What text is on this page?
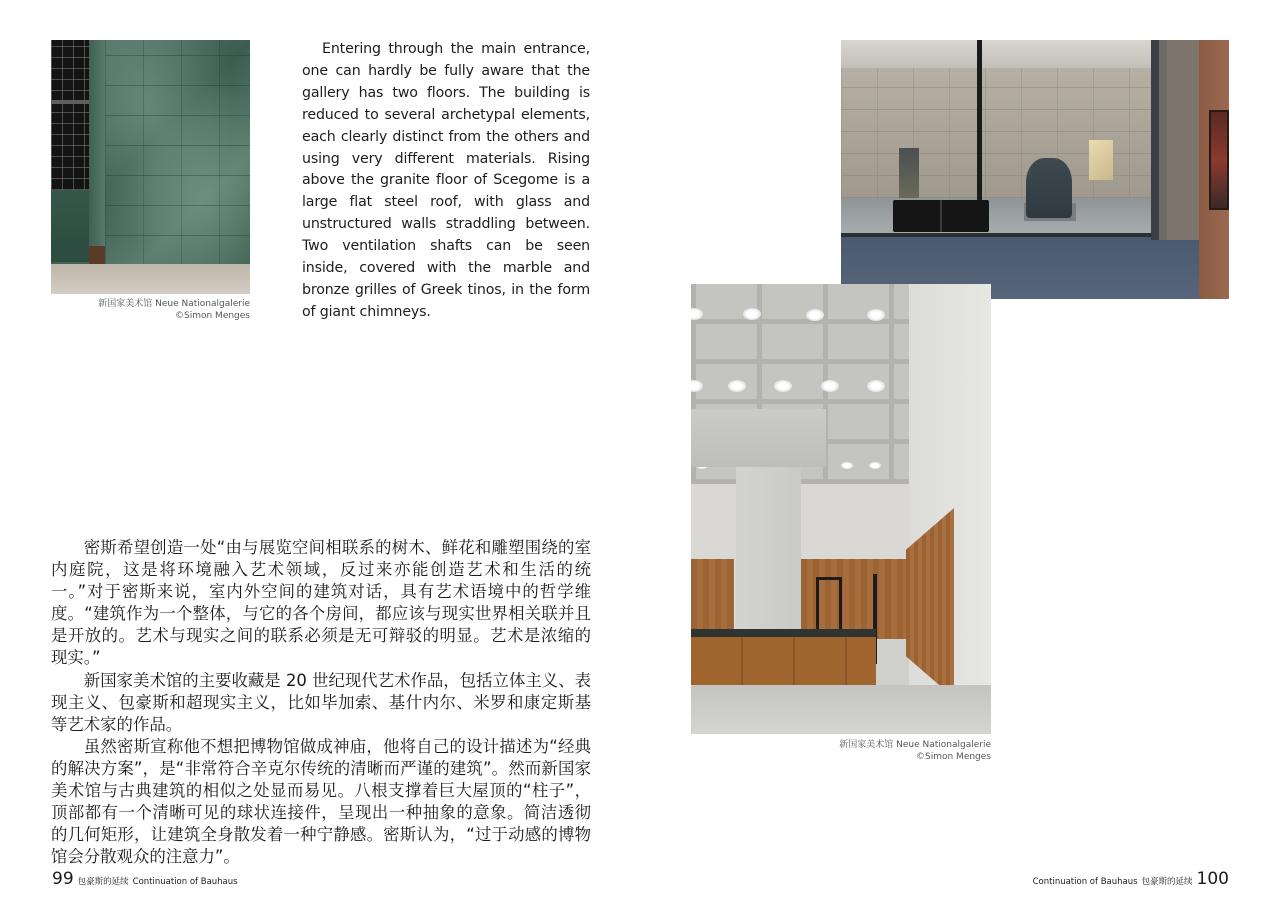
新国家美术馆 Neue Nationalgalerie
©Simon Menges

Entering through the main entrance, one can hardly be fully aware that the gallery has two floors. The building is reduced to several archetypal elements, each clearly distinct from the others and using very different materials. Rising above the granite floor of Scegome is a large flat steel roof, with glass and unstructured walls straddling between. Two ventilation shafts can be seen inside, covered with the marble and bronze grilles of Greek tinos, in the form of giant chimneys.

密斯希望创造一处“由与展览空间相联系的树木、鲜花和雕塑围绕的室内庭院，这是将环境融入艺术领域，反过来亦能创造艺术和生活的统一。”对于密斯来说，室内外空间的建筑对话，具有艺术语境中的哲学维度。“建筑作为一个整体，与它的各个房间，都应该与现实世界相关联并且是开放的。艺术与现实之间的联系必须是无可辩驳的明显。艺术是浓缩的现实。”

新国家美术馆的主要收藏是 20 世纪现代艺术作品，包括立体主义、表现主义、包豪斯和超现实主义，比如毕加索、基什内尔、米罗和康定斯基等艺术家的作品。

虽然密斯宣称他不想把博物馆做成神庙，他将自己的设计描述为“经典的解决方案”，是“非常符合辛克尔传统的清晰而严谨的建筑”。然而新国家美术馆与古典建筑的相似之处显而易见。八根支撑着巨大屋顶的“柱子”，顶部都有一个清晰可见的球状连接件，呈现出一种抽象的意象。简洁透彻的几何矩形，让建筑全身散发着一种宁静感。密斯认为，“过于动感的博物馆会分散观众的注意力”。

99 包豪斯的延续 Continuation of Bauhaus
新国家美术馆 Neue Nationalgalerie
©Simon Menges
Continuation of Bauhaus 包豪斯的延续 100
